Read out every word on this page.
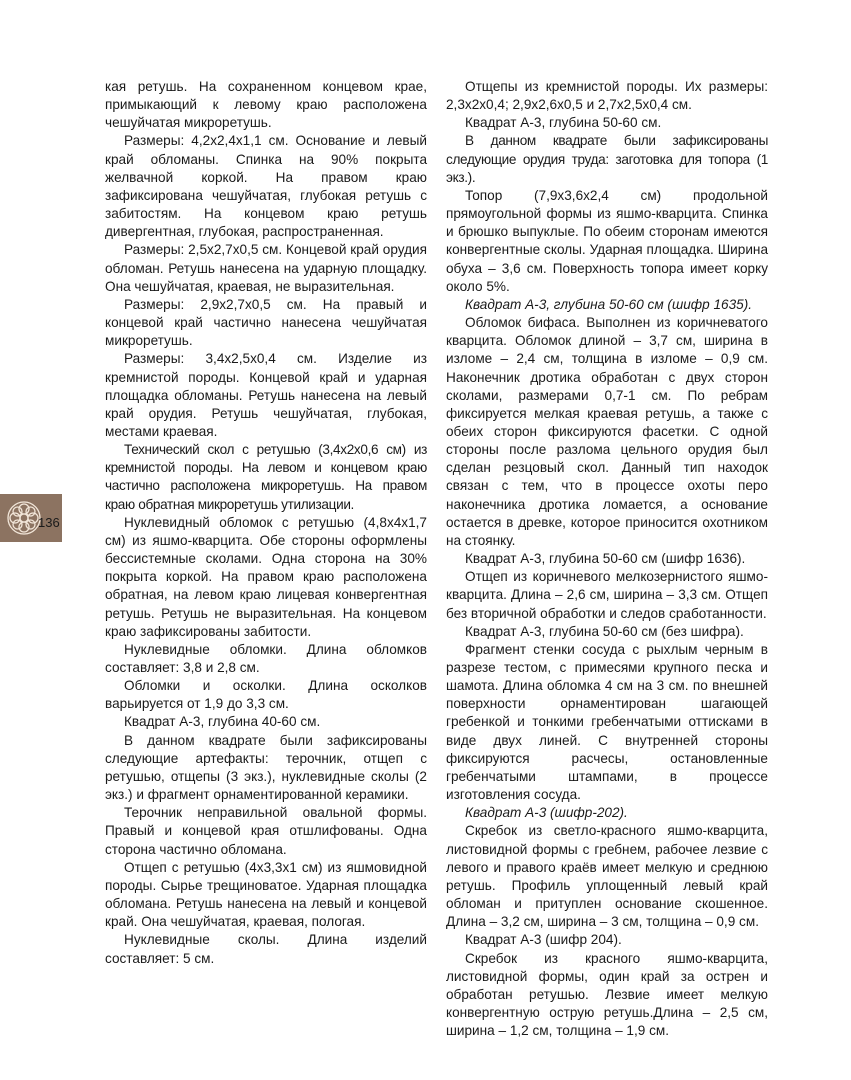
кая ретушь. На сохраненном концевом крае, примыкающий к левому краю расположена чешуйчатая микроретушь.

Размеры: 4,2х2,4х1,1 см. Основание и левый край обломаны. Спинка на 90% покрыта желвачной коркой. На правом краю зафиксирована чешуйчатая, глубокая ретушь с забитостям. На концевом краю ретушь дивергентная, глубокая, распространенная.

Размеры: 2,5х2,7х0,5 см. Концевой край орудия обломан. Ретушь нанесена на ударную площадку. Она чешуйчатая, краевая, не выразительная.

Размеры: 2,9х2,7х0,5 см. На правый и концевой край частично нанесена чешуйчатая микроретушь.

Размеры: 3,4х2,5х0,4 см. Изделие из кремнистой породы. Концевой край и ударная площадка обломаны. Ретушь нанесена на левый край орудия. Ретушь чешуйчатая, глубокая, местами краевая.

Технический скол с ретушью (3,4х2х0,6 см) из кремнистой породы. На левом и концевом краю частично расположена микроретушь. На правом краю обратная микроретушь утилизации.

Нуклевидный обломок с ретушью (4,8х4х1,7 см) из яшмо-кварцита. Обе стороны оформлены бессистемные сколами. Одна сторона на 30% покрыта коркой. На правом краю расположена обратная, на левом краю лицевая конвергентная ретушь. Ретушь не выразительная. На концевом краю зафиксированы забитости.

Нуклевидные обломки. Длина обломков составляет: 3,8 и 2,8 см.

Обломки и осколки. Длина осколков варьируется от 1,9 до 3,3 см.

Квадрат А-3, глубина 40-60 см.

В данном квадрате были зафиксированы следующие артефакты: терочник, отщеп с ретушью, отщепы (3 экз.), нуклевидные сколы (2 экз.) и фрагмент орнаментированной керамики.

Терочник неправильной овальной формы. Правый и концевой края отшлифованы. Одна сторона частично обломана.

Отщеп с ретушью (4х3,3х1 см) из яшмовидной породы. Сырье трещиноватое. Ударная площадка обломана. Ретушь нанесена на левый и концевой край. Она чешуйчатая, краевая, пологая.

Нуклевидные сколы. Длина изделий составляет: 5 см.

Отщепы из кремнистой породы. Их размеры: 2,3х2х0,4; 2,9х2,6х0,5 и 2,7х2,5х0,4 см.

Квадрат А-3, глубина 50-60 см.

В данном квадрате были зафиксированы следующие орудия труда: заготовка для топора (1 экз.).

Топор (7,9х3,6х2,4 см) продольной прямоугольной формы из яшмо-кварцита. Спинка и брюшко выпуклые. По обеим сторонам имеются конвергентные сколы. Ударная площадка. Ширина обуха – 3,6 см. Поверхность топора имеет корку около 5%.

Квадрат А-3, глубина 50-60 см (шифр 1635).

Обломок бифаса. Выполнен из коричневатого кварцита. Обломок длиной – 3,7 см, ширина в изломе – 2,4 см, толщина в изломе – 0,9 см. Наконечник дротика обработан с двух сторон сколами, размерами 0,7-1 см. По ребрам фиксируется мелкая краевая ретушь, а также с обеих сторон фиксируются фасетки. С одной стороны после разлома цельного орудия был сделан резцовый скол. Данный тип находок связан с тем, что в процессе охоты перо наконечника дротика ломается, а основание остается в древке, которое приносится охотником на стоянку.

Квадрат А-3, глубина 50-60 см (шифр 1636).

Отщеп из коричневого мелкозернистого яшмо-кварцита. Длина – 2,6 см, ширина – 3,3 см. Отщеп без вторичной обработки и следов сработанности.

Квадрат А-3, глубина 50-60 см (без шифра).

Фрагмент стенки сосуда с рыхлым черным в разрезе тестом, с примесями крупного песка и шамота. Длина обломка 4 см на 3 см. по внешней поверхности орнаментирован шагающей гребенкой и тонкими гребенчатыми оттисками в виде двух линей. С внутренней стороны фиксируются расчесы, остановленные гребенчатыми штампами, в процессе изготовления сосуда.

Квадрат А-3 (шифр-202).

Скребок из светло-красного яшмо-кварцита, листовидной формы с гребнем, рабочее лезвие с левого и правого краёв имеет мелкую и среднюю ретушь. Профиль уплощенный левый край обломан и притуплен основание скошенное. Длина – 3,2 см, ширина – 3 см, толщина – 0,9 см.

Квадрат А-3 (шифр 204).

Скребок из красного яшмо-кварцита, листовидной формы, один край за острен и обработан ретушью. Лезвие имеет мелкую конвергентную острую ретушь.Длина – 2,5 см, ширина – 1,2 см, толщина – 1,9 см.

136
